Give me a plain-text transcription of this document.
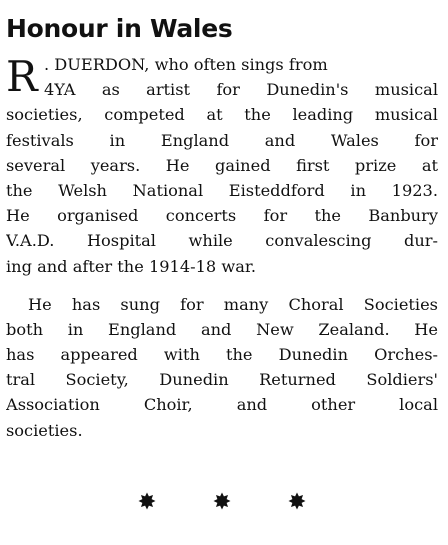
Honour in Wales
R . DUERDON, who often sings from
4YA as artist for Dunedin's musical
societies, competed at the leading musical
festivals in England and Wales for
several years. He gained first prize at
the Welsh National Eisteddford in 1923.
He organised concerts for the Banbury
V.A.D. Hospital while convalescing dur-
ing and after the 1914-18 war.
He has sung for many Choral Societies
both in England and New Zealand. He
has appeared with the Dunedin Orches-
tral Society, Dunedin Returned Soldiers'
Association Choir, and other local
societies.
